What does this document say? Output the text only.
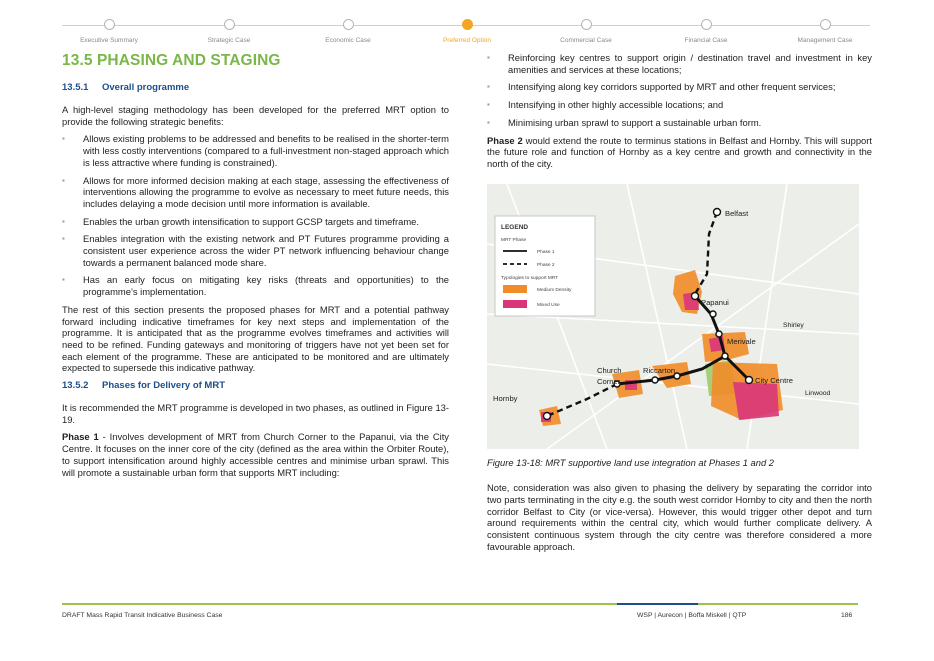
Executive Summary	Strategic Case	Economic Case	Preferred Option	Commercial Case	Financial Case	Management Case
13.5 PHASING AND STAGING
13.5.1 Overall programme

A high-level staging methodology has been developed for the preferred MRT option to provide the following strategic benefits:

▪ Allows existing problems to be addressed and benefits to be realised in the shorter-term with less costly interventions (compared to a full-investment non-staged approach which is less attractive where funding is constrained).
▪ Allows for more informed decision making at each stage, assessing the effectiveness of interventions allowing the programme to evolve as necessary to meet future needs, this includes delaying a mode decision until more information is available.
▪ Enables the urban growth intensification to support GCSP targets and timeframe.
▪ Enables integration with the existing network and PT Futures programme providing a consistent user experience across the wider PT network influencing behaviour change towards a permanent balanced mode share.
▪ Has an early focus on mitigating key risks (threats and opportunities) to the programme’s implementation.

The rest of this section presents the proposed phases for MRT and a potential pathway forward including indicative timeframes for key next steps and implementation of the programme. It is anticipated that as the programme evolves timeframes and activities will need to be refined. Funding gateways and monitoring of triggers have not yet been set for each element of the programme. These are anticipated to be monitored and are ultimately expected to supersede this indicative pathway.

13.5.2 Phases for Delivery of MRT

It is recommended the MRT programme is developed in two phases, as outlined in Figure 13-19.

Phase 1 - Involves development of MRT from Church Corner to the Papanui, via the City Centre. It focuses on the inner core of the city (defined as the area within the Orbiter Route), to support intensification around highly accessible centres and minimise urban sprawl. This will promote a sustainable urban form that supports MRT including:

▪ Reinforcing key centres to support origin / destination travel and investment in key amenities and services at these locations;
▪ Intensifying along key corridors supported by MRT and other frequent services;
▪ Intensifying in other highly accessible locations; and
▪ Minimising urban sprawl to support a sustainable urban form.

Phase 2 would extend the route to terminus stations in Belfast and Hornby. This will support the future role and function of Hornby as a key centre and growth and connectivity in the north of the city.

LEGEND
MRT Phase
Phase 1
Phase 2
Typologies to support MRT
Medium Density
Mixed Use
Belfast
Papanui
Shirley
Merivale
Church
Corner
Riccarton
City Centre
Linwood
Hornby

Figure 13-18: MRT supportive land use integration at Phases 1 and 2

Note, consideration was also given to phasing the delivery by separating the corridor into two parts terminating in the city e.g. the south west corridor Hornby to city and then the north corridor Belfast to City (or vice-versa). However, this would trigger other depot and turn around requirements within the central city, which would further complicate delivery. A consistent continuous system through the city centre was therefore considered a more favourable approach.

DRAFT Mass Rapid Transit Indicative Business Case	WSP | Aurecon | Boffa Miskell | QTP	186
